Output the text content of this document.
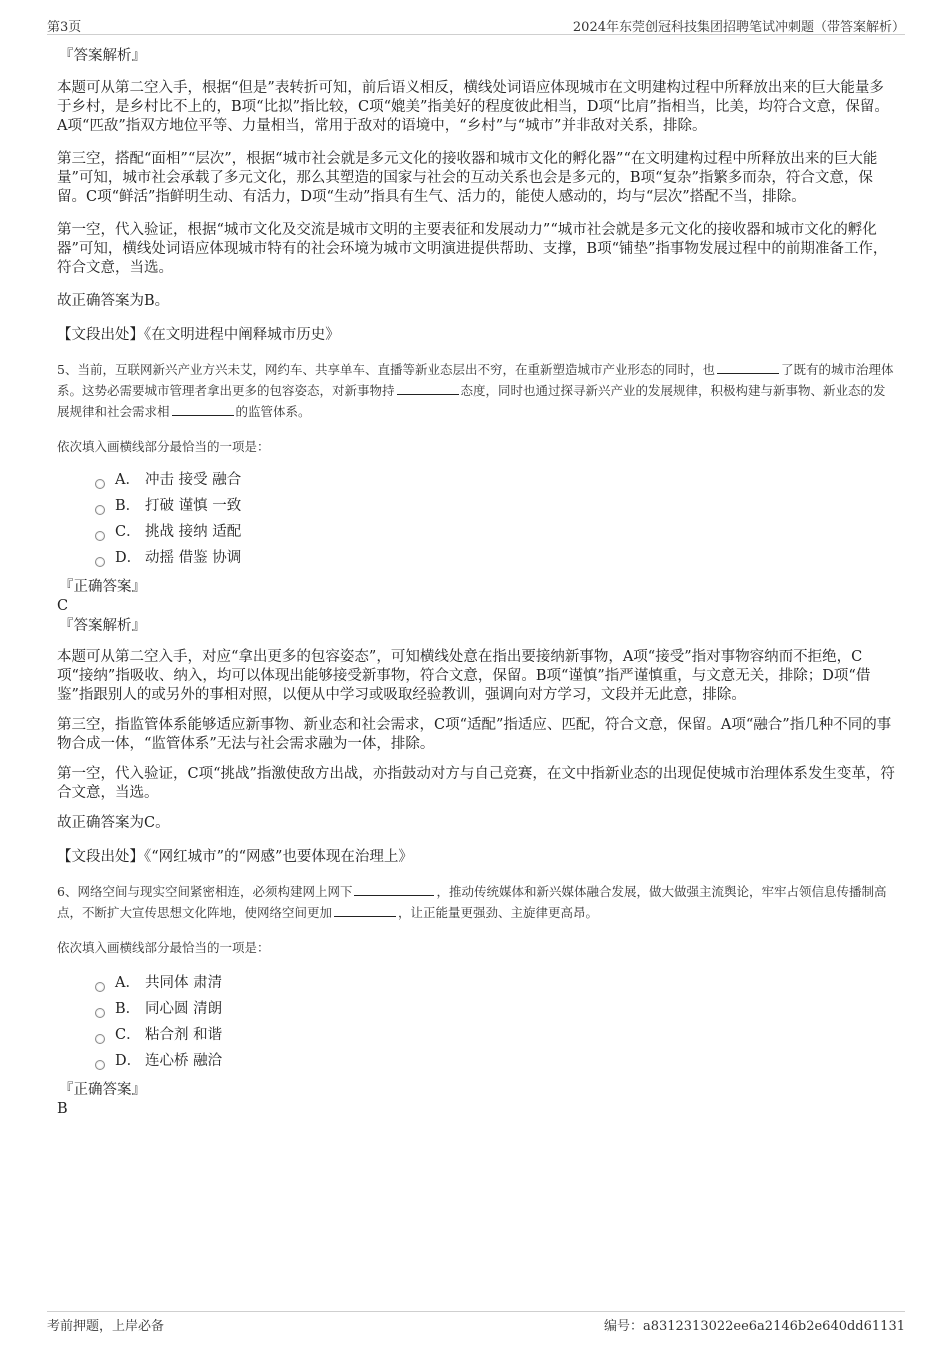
第3页	2024年东莞创冠科技集团招聘笔试冲刺题（带答案解析）
『答案解析』

本题可从第二空入手，根据“但是”表转折可知，前后语义相反，横线处词语应体现城市在文明建构过程中所释放出来的巨大能量多于乡村，是乡村比不上的，B项“比拟”指比较，C项“媲美”指美好的程度彼此相当，D项“比肩”指相当，比美，均符合文意，保留。A项“匹敌”指双方地位平等、力量相当，常用于敌对的语境中，“乡村”与“城市”并非敌对关系，排除。

第三空，搭配“面相”“层次”，根据“城市社会就是多元文化的接收器和城市文化的孵化器”“在文明建构过程中所释放出来的巨大能量”可知，城市社会承载了多元文化，那么其塑造的国家与社会的互动关系也会是多元的，B项“复杂”指繁多而杂，符合文意，保留。C项“鲜活”指鲜明生动、有活力，D项“生动”指具有生气、活力的，能使人感动的，均与“层次”搭配不当，排除。

第一空，代入验证，根据“城市文化及交流是城市文明的主要表征和发展动力”“城市社会就是多元文化的接收器和城市文化的孵化器”可知，横线处词语应体现城市特有的社会环境为城市文明演进提供帮助、支撑，B项“铺垫”指事物发展过程中的前期准备工作，符合文意，当选。

故正确答案为B。

【文段出处】《在文明进程中阐释城市历史》

5、当前，互联网新兴产业方兴未艾，网约车、共享单车、直播等新业态层出不穷，在重新塑造城市产业形态的同时，也	了既有的城市治理体系。这势必需要城市管理者拿出更多的包容姿态，对新事物持	态度，同时也通过探寻新兴产业的发展规律，积极构建与新事物、新业态的发展规律和社会需求相	的监管体系。

依次填入画横线部分最恰当的一项是：

A． 冲击 接受 融合
B． 打破 谨慎 一致
C． 挑战 接纳 适配
D． 动摇 借鉴 协调
『正确答案』

C

『答案解析』

本题可从第二空入手，对应“拿出更多的包容姿态”，可知横线处意在指出要接纳新事物，A项“接受”指对事物容纳而不拒绝，C项“接纳”指吸收、纳入，均可以体现出能够接受新事物，符合文意，保留。B项“谨慎”指严谨慎重，与文意无关，排除；D项“借鉴”指跟别人的或另外的事相对照，以便从中学习或吸取经验教训，强调向对方学习，文段并无此意，排除。

第三空，指监管体系能够适应新事物、新业态和社会需求，C项“适配”指适应、匹配，符合文意，保留。A项“融合”指几种不同的事物合成一体，“监管体系”无法与社会需求融为一体，排除。

第一空，代入验证，C项“挑战”指激使敌方出战，亦指鼓动对方与自己竞赛，在文中指新业态的出现促使城市治理体系发生变革，符合文意，当选。

故正确答案为C。

【文段出处】《“网红城市”的“网感”也要体现在治理上》

6、网络空间与现实空间紧密相连，必须构建网上网下	，推动传统媒体和新兴媒体融合发展，做大做强主流舆论，牢牢占领信息传播制高点，不断扩大宣传思想文化阵地，使网络空间更加	，让正能量更强劲、主旋律更高昂。

依次填入画横线部分最恰当的一项是：

A． 共同体 肃清
B． 同心圆 清朗
C． 粘合剂 和谐
D． 连心桥 融洽
『正确答案』

B

考前押题，上岸必备	编号：a8312313022ee6a2146b2e640dd61131
